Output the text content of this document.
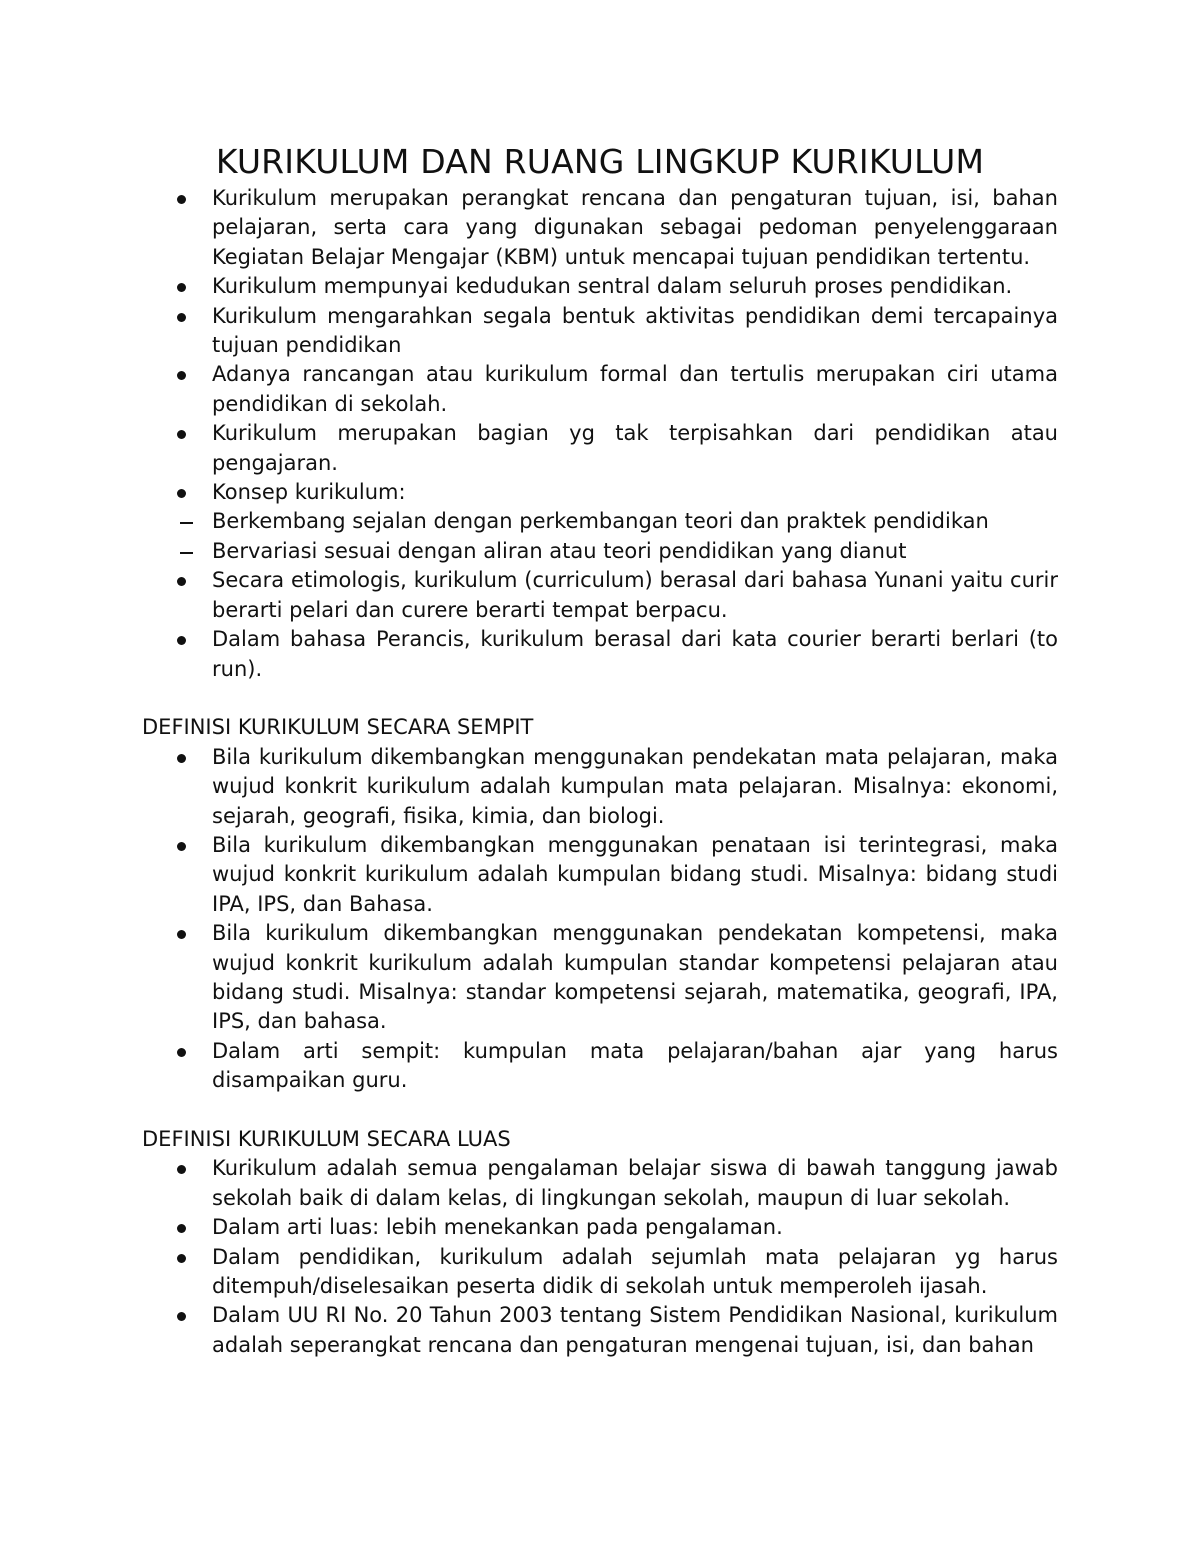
KURIKULUM DAN RUANG LINGKUP KURIKULUM
Kurikulum merupakan perangkat rencana dan pengaturan tujuan, isi, bahan pelajaran, serta cara yang digunakan sebagai pedoman penyelenggaraan Kegiatan Belajar Mengajar (KBM) untuk mencapai tujuan pendidikan tertentu.
Kurikulum mempunyai kedudukan sentral dalam seluruh proses pendidikan.
Kurikulum mengarahkan segala bentuk aktivitas pendidikan demi tercapainya tujuan pendidikan
Adanya rancangan atau kurikulum formal dan tertulis merupakan ciri utama pendidikan di sekolah.
Kurikulum merupakan bagian yg tak terpisahkan dari pendidikan atau pengajaran.
Konsep kurikulum:
Berkembang sejalan dengan perkembangan teori dan praktek pendidikan
Bervariasi sesuai dengan aliran atau teori pendidikan yang dianut
Secara etimologis, kurikulum (curriculum) berasal dari bahasa Yunani yaitu curir berarti pelari dan curere berarti tempat berpacu.
Dalam bahasa Perancis, kurikulum berasal dari kata courier berarti berlari (to run).
DEFINISI KURIKULUM SECARA SEMPIT
Bila kurikulum dikembangkan menggunakan pendekatan mata pelajaran, maka wujud konkrit kurikulum adalah kumpulan mata pelajaran. Misalnya: ekonomi, sejarah, geografi, fisika, kimia, dan biologi.
Bila kurikulum dikembangkan menggunakan penataan isi terintegrasi, maka wujud konkrit kurikulum adalah kumpulan bidang studi. Misalnya: bidang studi IPA, IPS, dan Bahasa.
Bila kurikulum dikembangkan menggunakan pendekatan kompetensi, maka wujud konkrit kurikulum adalah kumpulan standar kompetensi pelajaran atau bidang studi. Misalnya: standar kompetensi sejarah, matematika, geografi, IPA, IPS, dan bahasa.
Dalam arti sempit: kumpulan mata pelajaran/bahan ajar yang harus disampaikan guru.
DEFINISI KURIKULUM SECARA LUAS
Kurikulum adalah semua pengalaman belajar siswa di bawah tanggung jawab sekolah baik di dalam kelas, di lingkungan sekolah, maupun di luar sekolah.
Dalam arti luas: lebih menekankan pada pengalaman.
Dalam pendidikan, kurikulum adalah sejumlah mata pelajaran yg harus ditempuh/diselesaikan peserta didik di sekolah untuk memperoleh ijasah.
Dalam UU RI No. 20 Tahun 2003 tentang Sistem Pendidikan Nasional, kurikulum adalah seperangkat rencana dan pengaturan mengenai tujuan, isi, dan bahan
